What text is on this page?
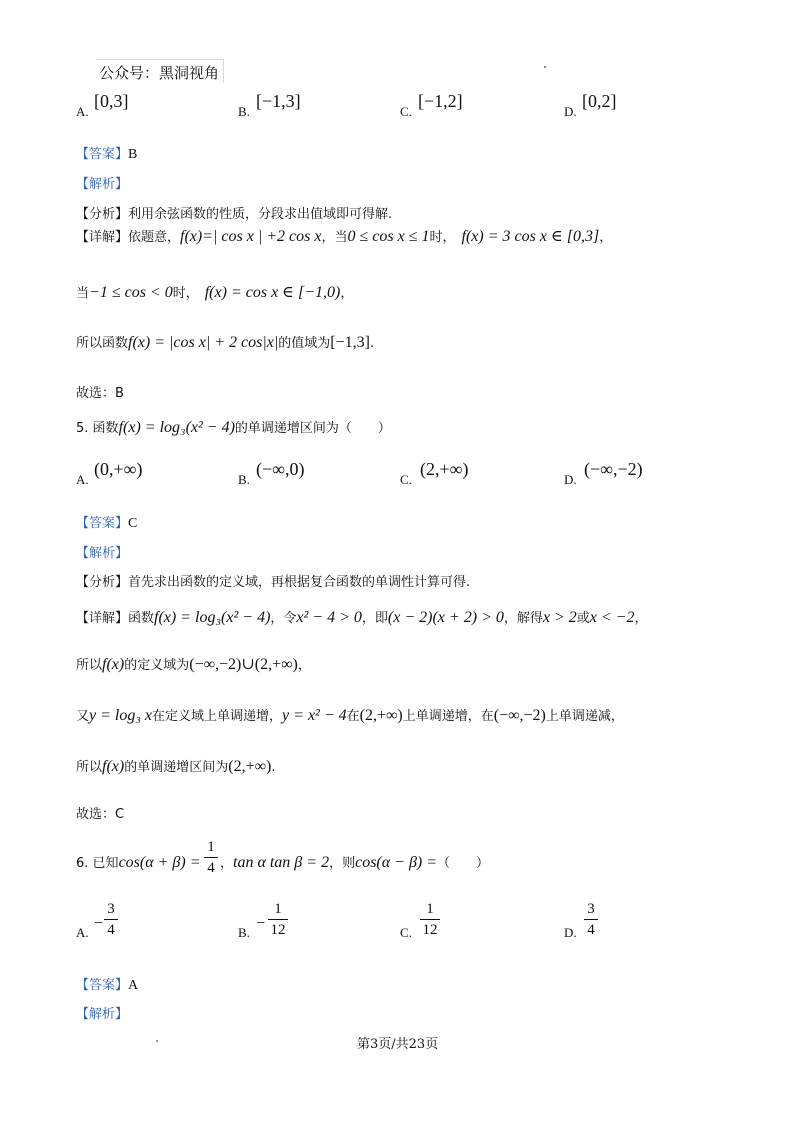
公众号：黑洞视角
A.
[0,3]
B.
[−1,3]
C.
[−1,2]
D.
[0,2]
【答案】B
【解析】
【分析】利用余弦函数的性质，分段求出值域即可得解.
【详解】依题意，f(x)=| cos x | +2 cos x，当0 ≤ cos x ≤ 1时， f(x) = 3 cos x ∈ [0,3]，
当−1 ≤ cos < 0时， f(x) = cos x ∈ [−1,0)，
所以函数f(x) = |cos x| + 2 cos|x|的值域为[−1,3].
故选：B
5. 函数f(x) = log₃(x² − 4)的单调递增区间为（　　）
A.
(0,+∞)
B.
(−∞,0)
C.
(2,+∞)
D.
(−∞,−2)
【答案】C
【解析】
【分析】首先求出函数的定义域，再根据复合函数的单调性计算可得.
【详解】函数f(x) = log₃(x² − 4)，令x² − 4 > 0，即(x − 2)(x + 2) > 0，解得x > 2或x < −2，
所以f(x)的定义域为(−∞,−2)∪(2,+∞)，
又y = log₃ x在定义域上单调递增，y = x² − 4在(2,+∞)上单调递增，在(−∞,−2)上单调递减，
所以f(x)的单调递增区间为(2,+∞).
故选：C
6. 已知cos(α + β) =
1
4 ，tan α tan β = 2，则cos(α − β) =（　　）
A.
−
3
4	B.
−
1
12	C.
1
12	D.
3
4
【答案】A
【解析】
第3页/共23页
